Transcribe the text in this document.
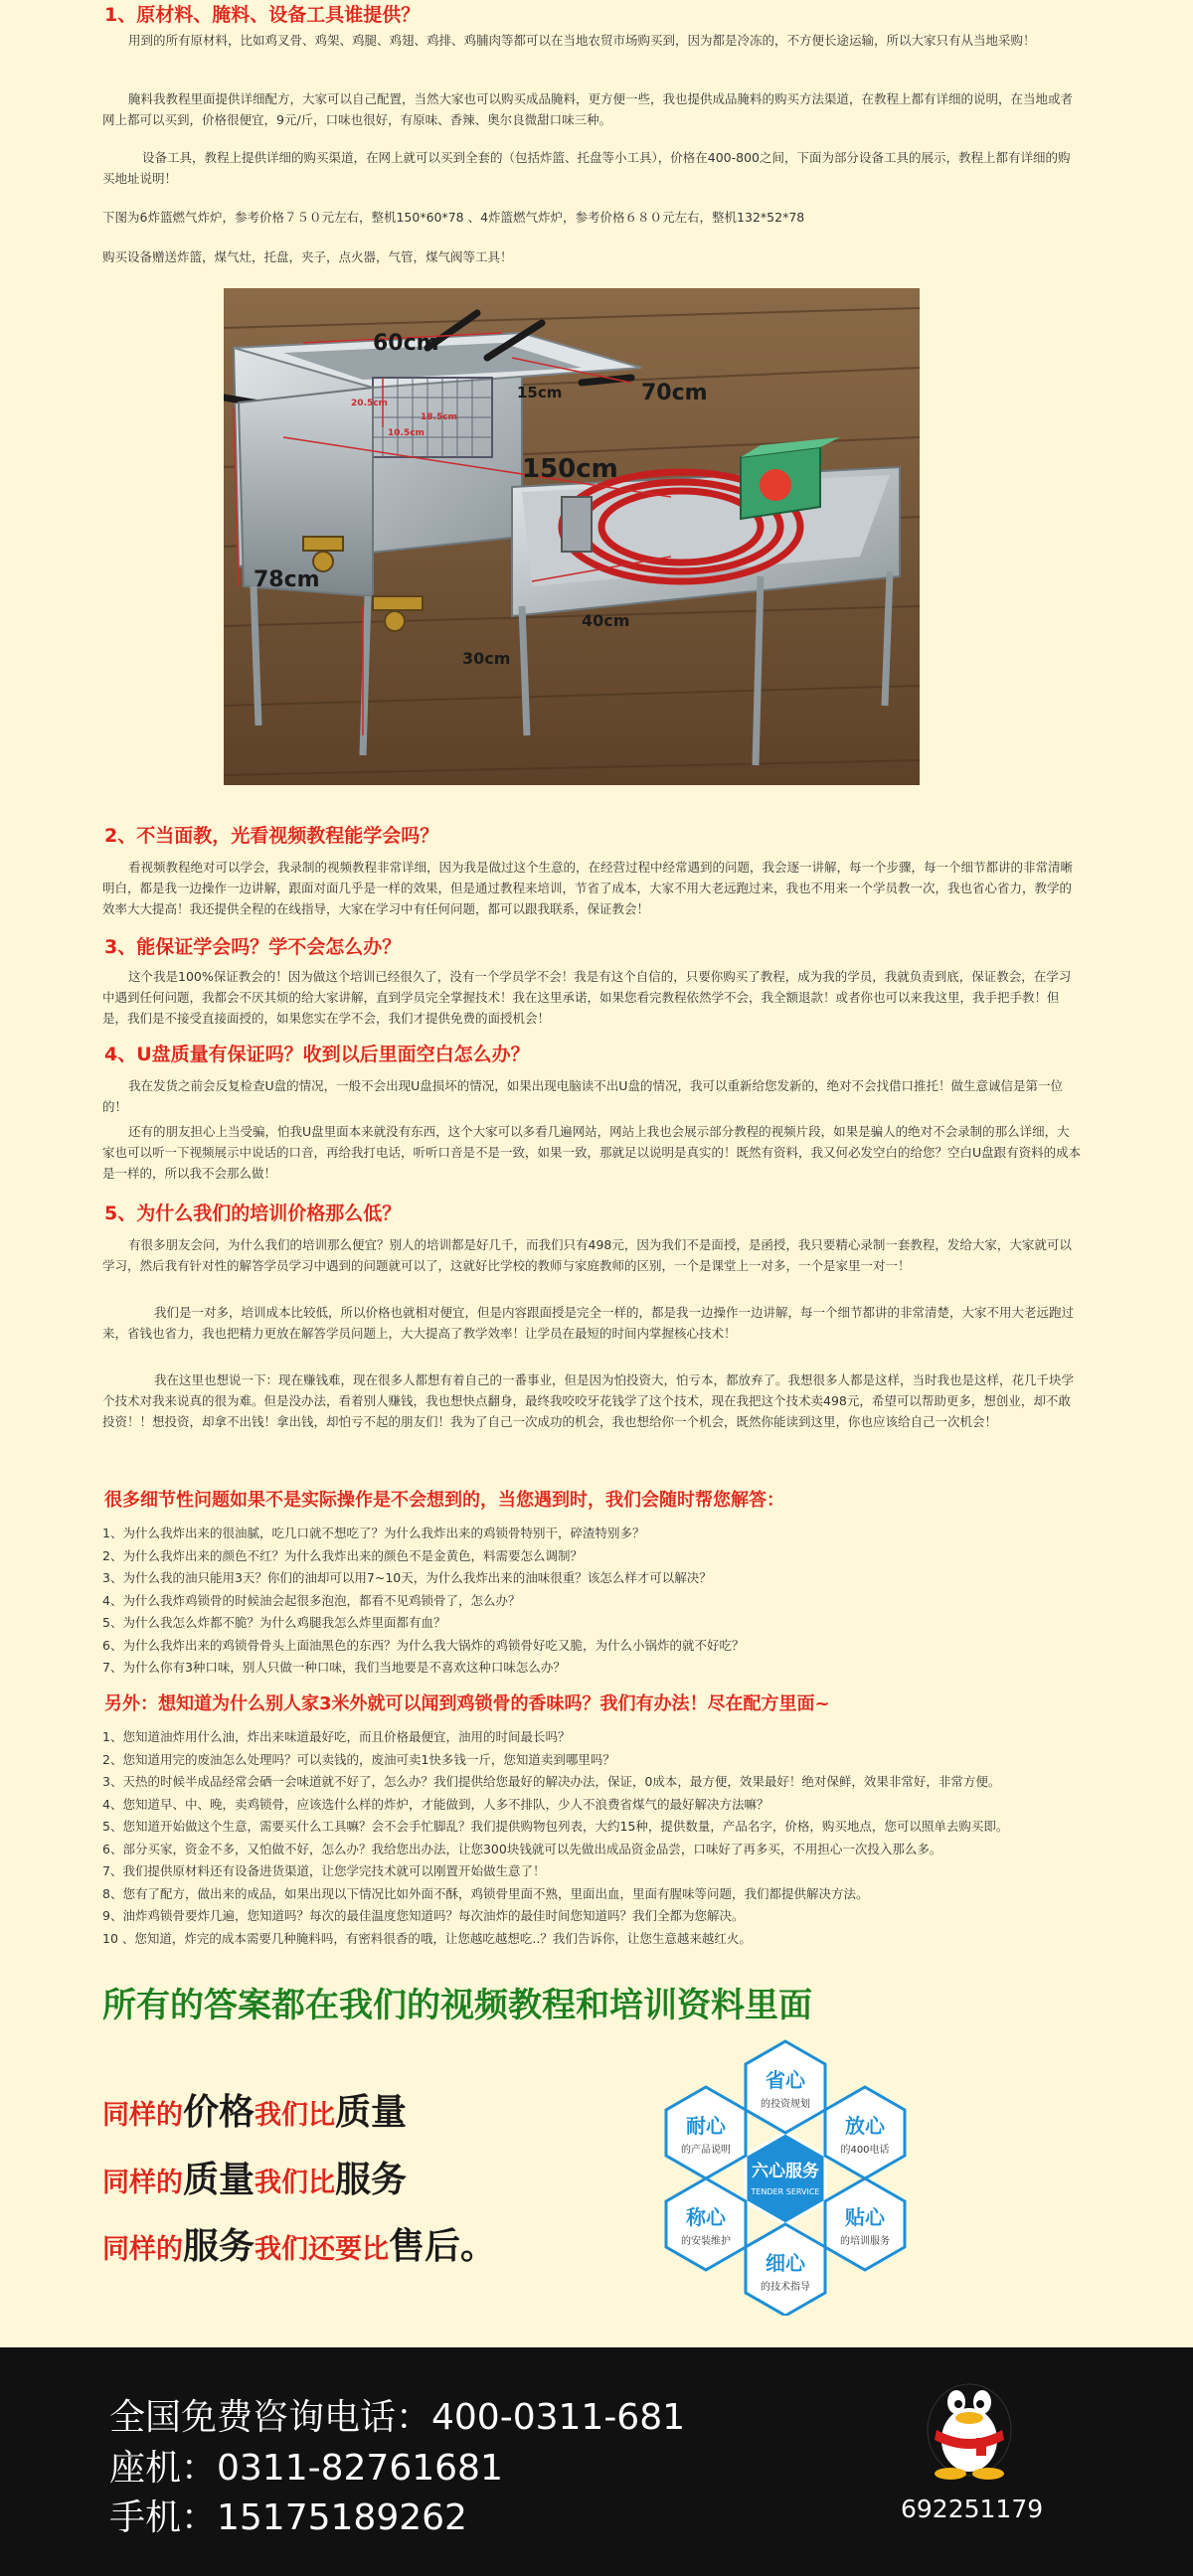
1、原材料、腌料、设备工具谁提供？
用到的所有原材料，比如鸡叉骨、鸡架、鸡腿、鸡翅、鸡排、鸡脯肉等都可以在当地农贸市场购买到，因为都是冷冻的，不方便长途运输，所以大家只有从当地采购！
腌料我教程里面提供详细配方，大家可以自己配置，当然大家也可以购买成品腌料，更方便一些，我也提供成品腌料的购买方法渠道，在教程上都有详细的说明，在当地或者网上都可以买到，价格很便宜，9元/斤，口味也很好，有原味、香辣、奥尔良微甜口味三种。
设备工具，教程上提供详细的购买渠道，在网上就可以买到全套的（包括炸篮、托盘等小工具），价格在400-800之间，下面为部分设备工具的展示，教程上都有详细的购买地址说明！
下图为6炸篮燃气炸炉，参考价格７５０元左右，整机150*60*78 、4炸篮燃气炸炉，参考价格６８０元左右，整机132*52*78
购买设备赠送炸篮，煤气灶，托盘，夹子，点火器，气管，煤气阀等工具！
60cm
15cm	70cm
150cm
78cm
40cm
30cm
20.5cm
18.5cm
10.5cm
2、不当面教，光看视频教程能学会吗？
看视频教程绝对可以学会，我录制的视频教程非常详细，因为我是做过这个生意的，在经营过程中经常遇到的问题，我会逐一讲解，每一个步骤，每一个细节都讲的非常清晰明白，都是我一边操作一边讲解，跟面对面几乎是一样的效果，但是通过教程来培训，节省了成本，大家不用大老远跑过来，我也不用来一个学员教一次，我也省心省力，教学的效率大大提高！我还提供全程的在线指导，大家在学习中有任何问题，都可以跟我联系，保证教会！
3、能保证学会吗？学不会怎么办？
这个我是100%保证教会的！因为做这个培训已经很久了，没有一个学员学不会！我是有这个自信的，只要你购买了教程，成为我的学员，我就负责到底，保证教会，在学习中遇到任何问题，我都会不厌其烦的给大家讲解，直到学员完全掌握技术！我在这里承诺，如果您看完教程依然学不会，我全额退款！或者你也可以来我这里，我手把手教！但是，我们是不接受直接面授的，如果您实在学不会，我们才提供免费的面授机会！
4、U盘质量有保证吗？收到以后里面空白怎么办？
我在发货之前会反复检查U盘的情况，一般不会出现U盘损坏的情况，如果出现电脑读不出U盘的情况，我可以重新给您发新的，绝对不会找借口推托！做生意诚信是第一位的！
还有的朋友担心上当受骗，怕我U盘里面本来就没有东西，这个大家可以多看几遍网站，网站上我也会展示部分教程的视频片段，如果是骗人的绝对不会录制的那么详细，大家也可以听一下视频展示中说话的口音，再给我打电话，听听口音是不是一致，如果一致，那就足以说明是真实的！既然有资料，我又何必发空白的给您？空白U盘跟有资料的成本是一样的，所以我不会那么做！
5、为什么我们的培训价格那么低？
有很多朋友会问，为什么我们的培训那么便宜？别人的培训都是好几千，而我们只有498元，因为我们不是面授，是函授，我只要精心录制一套教程，发给大家，大家就可以学习，然后我有针对性的解答学员学习中遇到的问题就可以了，这就好比学校的教师与家庭教师的区别，一个是课堂上一对多，一个是家里一对一！
我们是一对多，培训成本比较低，所以价格也就相对便宜，但是内容跟面授是完全一样的，都是我一边操作一边讲解，每一个细节都讲的非常清楚，大家不用大老远跑过来，省钱也省力，我也把精力更放在解答学员问题上，大大提高了教学效率！让学员在最短的时间内掌握核心技术！
我在这里也想说一下：现在赚钱难，现在很多人都想有着自己的一番事业，但是因为怕投资大，怕亏本，都放弃了。我想很多人都是这样，当时我也是这样，花几千块学个技术对我来说真的很为难。但是没办法，看着别人赚钱，我也想快点翻身，最终我咬咬牙花钱学了这个技术，现在我把这个技术卖498元，希望可以帮助更多，想创业，却不敢投资！！想投资，却拿不出钱！拿出钱，却怕亏不起的朋友们！我为了自己一次成功的机会，我也想给你一个机会，既然你能读到这里，你也应该给自己一次机会！
很多细节性问题如果不是实际操作是不会想到的，当您遇到时，我们会随时帮您解答：
1、为什么我炸出来的很油腻，吃几口就不想吃了？为什么我炸出来的鸡锁骨特别干，碎渣特别多？
2、为什么我炸出来的颜色不红？为什么我炸出来的颜色不是金黄色，料需要怎么调制？
3、为什么我的油只能用3天？你们的油却可以用7~10天，为什么我炸出来的油味很重？该怎么样才可以解决？
4、为什么我炸鸡锁骨的时候油会起很多泡泡，都看不见鸡锁骨了，怎么办？
5、为什么我怎么炸都不脆？为什么鸡腿我怎么炸里面都有血？
6、为什么我炸出来的鸡锁骨骨头上面油黑色的东西？为什么我大锅炸的鸡锁骨好吃又脆，为什么小锅炸的就不好吃？
7、为什么你有3种口味，别人只做一种口味，我们当地要是不喜欢这种口味怎么办？
另外：想知道为什么别人家3米外就可以闻到鸡锁骨的香味吗？我们有办法！尽在配方里面~
1、您知道油炸用什么油，炸出来味道最好吃，而且价格最便宜，油用的时间最长吗？
2、您知道用完的废油怎么处理吗？可以卖钱的，废油可卖1快多钱一斤，您知道卖到哪里吗？
3、天热的时候半成品经常会硒一会味道就不好了，怎么办？我们提供给您最好的解决办法，保证，0成本，最方便，效果最好！绝对保鲜，效果非常好，非常方便。
4、您知道早、中、晚，卖鸡锁骨，应该选什么样的炸炉，才能做到，人多不排队，少人不浪费省煤气的最好解决方法嘛？
5、您知道开始做这个生意，需要买什么工具嘛？会不会手忙脚乱？我们提供购物包列表，大约15种，提供数量，产品名字，价格，购买地点，您可以照单去购买即。
6、部分买家，资金不多，又怕做不好，怎么办？我给您出办法，让您300块钱就可以先做出成品资金品尝，口味好了再多买，不用担心一次投入那么多。
7、我们提供原材料还有设备进货渠道，让您学完技术就可以刚置开始做生意了！
8、您有了配方，做出来的成品，如果出现以下情况比如外面不酥，鸡锁骨里面不熟，里面出血，里面有腥味等问题，我们都提供解决方法。
9、油炸鸡锁骨要炸几遍，您知道吗？每次的最佳温度您知道吗？每次油炸的最佳时间您知道吗？我们全都为您解决。
10 、您知道，炸完的成本需要几种腌料吗，有密料很香的哦，让您越吃越想吃..？我们告诉你，让您生意越来越红火。
所有的答案都在我们的视频教程和培训资料里面
同样的价格我们比质量
同样的质量我们比服务
同样的服务我们还要比售后。
六心服务
TENDER SERVICE
省心
的投资规划
耐心
的产品说明
放心
的400电话
称心
的安装维护
贴心
的培训服务
细心
的技术指导
全国免费咨询电话：400-0311-681
座机：0311-82761681
手机：15175189262	692251179
